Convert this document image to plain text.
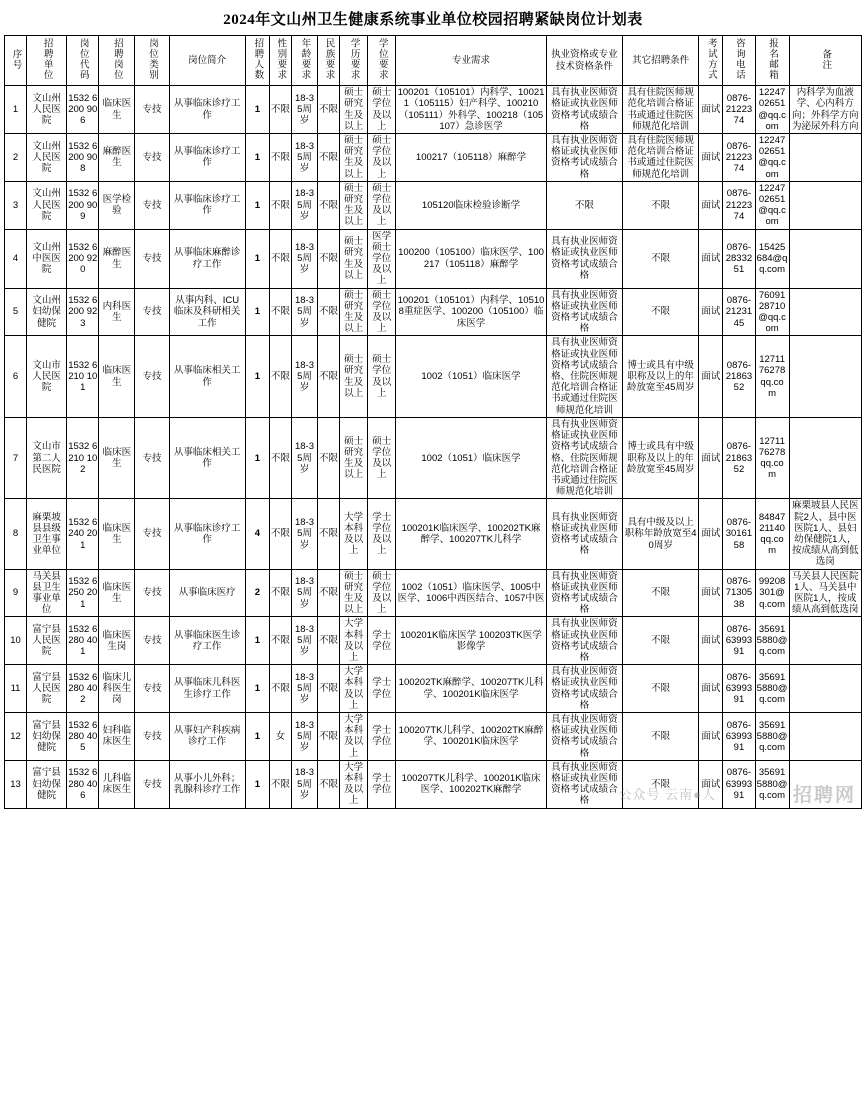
2024年文山州卫生健康系统事业单位校园招聘紧缺岗位计划表
序号	招聘单位	岗位代码	招聘岗位	岗位类别	岗位简介	招聘人数	性别要求	年龄要求	民族要求	学历要求	学位要求	专业需求	执业资格或专业技术资格条件	其它招聘条件	考试方式	咨询电话	报名邮箱	备注
1	文山州人民医院	1532 6200 906	临床医生	专技	从事临床诊疗工作	1	不限	18-35周岁	不限	硕士研究生及以上	硕士学位及以上	100201（105101）内科学、100211（105115）妇产科学、100210（105111）外科学、100218（105107）急诊医学	具有执业医师资格证或执业医师资格考试成绩合格	具有住院医师规范化培训合格证书或通过住院医师规范化培训	面试	0876-2122374	12247 02651 @qq.com	内科学为血液学、心内科方向；外科学方向为泌尿外科方向
2	文山州人民医院	1532 6200 908	麻醉医生	专技	从事临床诊疗工作	1	不限	18-35周岁	不限	硕士研究生及以上	硕士学位及以上	100217（105118）麻醉学	具有执业医师资格证或执业医师资格考试成绩合格	具有住院医师规范化培训合格证书或通过住院医师规范化培训	面试	0876-2122374	12247 02651 @qq.com	
3	文山州人民医院	1532 6200 909	医学检验	专技	从事临床诊疗工作	1	不限	18-35周岁	不限	硕士研究生及以上	硕士学位及以上	105120临床检验诊断学	不限	不限	面试	0876-2122374	12247 02651 @qq.com	
4	文山州中医医院	1532 6200 920	麻醉医生	专技	从事临床麻醉诊疗工作	1	不限	18-35周岁	不限	硕士研究生及以上	医学硕士学位及以上	100200（105100）临床医学、100217（105118）麻醉学	具有执业医师资格证或执业医师资格考试成绩合格	不限	面试	0876-2833251	15425 684@qq.com	
5	文山州妇幼保健院	1532 6200 923	内科医生	专技	从事内科、ICU临床及科研相关工作	1	不限	18-35周岁	不限	硕士研究生及以上	硕士学位及以上	100201（105101）内科学、105108重症医学、100200（105100）临床医学	具有执业医师资格证或执业医师资格考试成绩合格	不限	面试	0876-2123145	76091 28710@qq.com	
6	文山市人民医院	1532 6210 101	临床医生	专技	从事临床相关工作	1	不限	18-35周岁	不限	硕士研究生及以上	硕士学位及以上	1002（1051）临床医学	具有执业医师资格证或执业医师资格考试成绩合格、住院医师规范化培训合格证书或通过住院医师规范化培训	博士或具有中级职称及以上的年龄放宽至45周岁	面试	0876-2186352	12711 76278 qq.com	
7	文山市第二人民医院	1532 6210 102	临床医生	专技	从事临床相关工作	1	不限	18-35周岁	不限	硕士研究生及以上	硕士学位及以上	1002（1051）临床医学	具有执业医师资格证或执业医师资格考试成绩合格、住院医师规范化培训合格证书或通过住院医师规范化培训	博士或具有中级职称及以上的年龄放宽至45周岁	面试	0876-2186352	12711 76278 qq.com	
8	麻栗坡县县级卫生事业单位	1532 6240 201	临床医生	专技	从事临床诊疗工作	4	不限	18-35周岁	不限	大学本科及以上	学士学位及以上	100201K临床医学、100202TK麻醉学、100207TK儿科学	具有执业医师资格证或执业医师资格考试成绩合格	具有中级及以上职称年龄放宽至40周岁	面试	0876-3016158	84847 21140 qq.com	麻栗坡县人民医院2人、县中医医院1人、县妇幼保健院1人，按成绩从高到低选岗
9	马关县县卫生事业单位	1532 6250 201	临床医生	专技	从事临床医疗	2	不限	18-35周岁	不限	硕士研究生及以上	硕士学位及以上	1002（1051）临床医学、1005中医学、1006中西医结合、1057中医	具有执业医师资格证或执业医师资格考试成绩合格	不限	面试	0876-7130538	99208 301@q.com	马关县人民医院1人、马关县中医院1人，按成绩从高到低选岗
10	富宁县人民医院	1532 6280 401	临床医生岗	专技	从事临床医生诊疗工作	1	不限	18-35周岁	不限	大学本科及以上	学士学位	100201K临床医学 100203TK医学影像学	具有执业医师资格证或执业医师资格考试成绩合格	不限	面试	0876-6399391	35691 5880@q.com	
11	富宁县人民医院	1532 6280 402	临床儿科医生岗	专技	从事临床儿科医生诊疗工作	1	不限	18-35周岁	不限	大学本科及以上	学士学位	100202TK麻醉学、100207TK儿科学、100201K临床医学	具有执业医师资格证或执业医师资格考试成绩合格	不限	面试	0876-6399391	35691 5880@q.com	
12	富宁县妇幼保健院	1532 6280 405	妇科临床医生	专技	从事妇产科疾病诊疗工作	1	女	18-35周岁	不限	大学本科及以上	学士学位	100207TK儿科学、100202TK麻醉学、100201K临床医学	具有执业医师资格证或执业医师资格考试成绩合格	不限	面试	0876-6399391	35691 5880@q.com	
13	富宁县妇幼保健院	1532 6280 406	儿科临床医生	专技	从事小儿外科；乳腺科诊疗工作	1	不限	18-35周岁	不限	大学本科及以上	学士学位	100207TK儿科学、100201K临床医学、100202TK麻醉学	具有执业医师资格证或执业医师资格考试成绩合格	不限	面试	0876-6399391	35691 5880@q.com	
公众号 云南●人	招聘网
